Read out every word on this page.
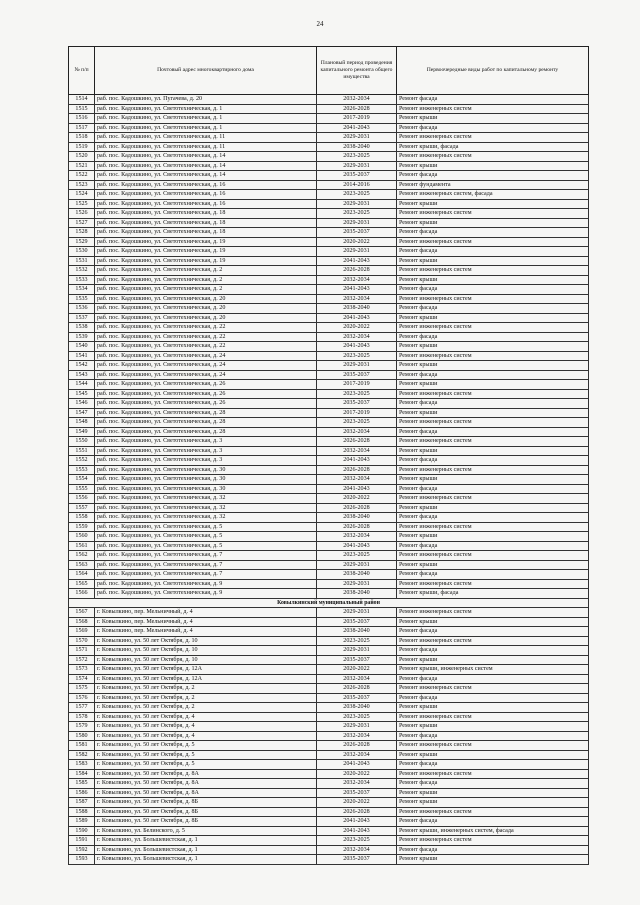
24
№ п/п	Почтовый адрес многоквартирного дома	Плановый период проведения капитального ремонта общего имущества	Первоочередные виды работ по капитальному ремонту
1514	раб. пос. Кадошкино, ул. Пугачева, д. 20	2032-2034	Ремонт фасада
1515	раб. пос. Кадошкино, ул. Светотехническая, д. 1	2026-2028	Ремонт инженерных систем
1516	раб. пос. Кадошкино, ул. Светотехническая, д. 1	2017-2019	Ремонт крыши
1517	раб. пос. Кадошкино, ул. Светотехническая, д. 1	2041-2043	Ремонт фасада
1518	раб. пос. Кадошкино, ул. Светотехническая, д. 11	2029-2031	Ремонт инженерных систем
1519	раб. пос. Кадошкино, ул. Светотехническая, д. 11	2038-2040	Ремонт крыши, фасада
1520	раб. пос. Кадошкино, ул. Светотехническая, д. 14	2023-2025	Ремонт инженерных систем
1521	раб. пос. Кадошкино, ул. Светотехническая, д. 14	2029-2031	Ремонт крыши
1522	раб. пос. Кадошкино, ул. Светотехническая, д. 14	2035-2037	Ремонт фасада
1523	раб. пос. Кадошкино, ул. Светотехническая, д. 16	2014-2016	Ремонт фундамента
1524	раб. пос. Кадошкино, ул. Светотехническая, д. 16	2023-2025	Ремонт инженерных систем, фасада
1525	раб. пос. Кадошкино, ул. Светотехническая, д. 16	2029-2031	Ремонт крыши
1526	раб. пос. Кадошкино, ул. Светотехническая, д. 18	2023-2025	Ремонт инженерных систем
1527	раб. пос. Кадошкино, ул. Светотехническая, д. 18	2029-2031	Ремонт крыши
1528	раб. пос. Кадошкино, ул. Светотехническая, д. 18	2035-2037	Ремонт фасада
1529	раб. пос. Кадошкино, ул. Светотехническая, д. 19	2020-2022	Ремонт инженерных систем
1530	раб. пос. Кадошкино, ул. Светотехническая, д. 19	2029-2031	Ремонт фасада
1531	раб. пос. Кадошкино, ул. Светотехническая, д. 19	2041-2043	Ремонт крыши
1532	раб. пос. Кадошкино, ул. Светотехническая, д. 2	2026-2028	Ремонт инженерных систем
1533	раб. пос. Кадошкино, ул. Светотехническая, д. 2	2032-2034	Ремонт крыши
1534	раб. пос. Кадошкино, ул. Светотехническая, д. 2	2041-2043	Ремонт фасада
1535	раб. пос. Кадошкино, ул. Светотехническая, д. 20	2032-2034	Ремонт инженерных систем
1536	раб. пос. Кадошкино, ул. Светотехническая, д. 20	2038-2040	Ремонт фасада
1537	раб. пос. Кадошкино, ул. Светотехническая, д. 20	2041-2043	Ремонт крыши
1538	раб. пос. Кадошкино, ул. Светотехническая, д. 22	2020-2022	Ремонт инженерных систем
1539	раб. пос. Кадошкино, ул. Светотехническая, д. 22	2032-2034	Ремонт фасада
1540	раб. пос. Кадошкино, ул. Светотехническая, д. 22	2041-2043	Ремонт крыши
1541	раб. пос. Кадошкино, ул. Светотехническая, д. 24	2023-2025	Ремонт инженерных систем
1542	раб. пос. Кадошкино, ул. Светотехническая, д. 24	2029-2031	Ремонт крыши
1543	раб. пос. Кадошкино, ул. Светотехническая, д. 24	2035-2037	Ремонт фасада
1544	раб. пос. Кадошкино, ул. Светотехническая, д. 26	2017-2019	Ремонт крыши
1545	раб. пос. Кадошкино, ул. Светотехническая, д. 26	2023-2025	Ремонт инженерных систем
1546	раб. пос. Кадошкино, ул. Светотехническая, д. 26	2035-2037	Ремонт фасада
1547	раб. пос. Кадошкино, ул. Светотехническая, д. 28	2017-2019	Ремонт крыши
1548	раб. пос. Кадошкино, ул. Светотехническая, д. 28	2023-2025	Ремонт инженерных систем
1549	раб. пос. Кадошкино, ул. Светотехническая, д. 28	2032-2034	Ремонт фасада
1550	раб. пос. Кадошкино, ул. Светотехническая, д. 3	2026-2028	Ремонт инженерных систем
1551	раб. пос. Кадошкино, ул. Светотехническая, д. 3	2032-2034	Ремонт крыши
1552	раб. пос. Кадошкино, ул. Светотехническая, д. 3	2041-2043	Ремонт фасада
1553	раб. пос. Кадошкино, ул. Светотехническая, д. 30	2026-2028	Ремонт инженерных систем
1554	раб. пос. Кадошкино, ул. Светотехническая, д. 30	2032-2034	Ремонт крыши
1555	раб. пос. Кадошкино, ул. Светотехническая, д. 30	2041-2043	Ремонт фасада
1556	раб. пос. Кадошкино, ул. Светотехническая, д. 32	2020-2022	Ремонт инженерных систем
1557	раб. пос. Кадошкино, ул. Светотехническая, д. 32	2026-2028	Ремонт крыши
1558	раб. пос. Кадошкино, ул. Светотехническая, д. 32	2038-2040	Ремонт фасада
1559	раб. пос. Кадошкино, ул. Светотехническая, д. 5	2026-2028	Ремонт инженерных систем
1560	раб. пос. Кадошкино, ул. Светотехническая, д. 5	2032-2034	Ремонт крыши
1561	раб. пос. Кадошкино, ул. Светотехническая, д. 5	2041-2043	Ремонт фасада
1562	раб. пос. Кадошкино, ул. Светотехническая, д. 7	2023-2025	Ремонт инженерных систем
1563	раб. пос. Кадошкино, ул. Светотехническая, д. 7	2029-2031	Ремонт крыши
1564	раб. пос. Кадошкино, ул. Светотехническая, д. 7	2038-2040	Ремонт фасада
1565	раб. пос. Кадошкино, ул. Светотехническая, д. 9	2029-2031	Ремонт инженерных систем
1566	раб. пос. Кадошкино, ул. Светотехническая, д. 9	2038-2040	Ремонт крыши, фасада
Ковылкинский муниципальный район			
1567	г. Ковылкино, пер. Мельничный, д. 4	2029-2031	Ремонт инженерных систем
1568	г. Ковылкино, пер. Мельничный, д. 4	2035-2037	Ремонт крыши
1569	г. Ковылкино, пер. Мельничный, д. 4	2038-2040	Ремонт фасада
1570	г. Ковылкино, ул. 50 лет Октября, д. 10	2023-2025	Ремонт инженерных систем
1571	г. Ковылкино, ул. 50 лет Октября, д. 10	2029-2031	Ремонт фасада
1572	г. Ковылкино, ул. 50 лет Октября, д. 10	2035-2037	Ремонт крыши
1573	г. Ковылкино, ул. 50 лет Октября, д. 12А	2020-2022	Ремонт крыши, инженерных систем
1574	г. Ковылкино, ул. 50 лет Октября, д. 12А	2032-2034	Ремонт фасада
1575	г. Ковылкино, ул. 50 лет Октября, д. 2	2026-2028	Ремонт инженерных систем
1576	г. Ковылкино, ул. 50 лет Октября, д. 2	2035-2037	Ремонт фасада
1577	г. Ковылкино, ул. 50 лет Октября, д. 2	2038-2040	Ремонт крыши
1578	г. Ковылкино, ул. 50 лет Октября, д. 4	2023-2025	Ремонт инженерных систем
1579	г. Ковылкино, ул. 50 лет Октября, д. 4	2029-2031	Ремонт крыши
1580	г. Ковылкино, ул. 50 лет Октября, д. 4	2032-2034	Ремонт фасада
1581	г. Ковылкино, ул. 50 лет Октября, д. 5	2026-2028	Ремонт инженерных систем
1582	г. Ковылкино, ул. 50 лет Октября, д. 5	2032-2034	Ремонт крыши
1583	г. Ковылкино, ул. 50 лет Октября, д. 5	2041-2043	Ремонт фасада
1584	г. Ковылкино, ул. 50 лет Октября, д. 8А	2020-2022	Ремонт инженерных систем
1585	г. Ковылкино, ул. 50 лет Октября, д. 8А	2032-2034	Ремонт фасада
1586	г. Ковылкино, ул. 50 лет Октября, д. 8А	2035-2037	Ремонт крыши
1587	г. Ковылкино, ул. 50 лет Октября, д. 8Б	2020-2022	Ремонт крыши
1588	г. Ковылкино, ул. 50 лет Октября, д. 8Б	2026-2028	Ремонт инженерных систем
1589	г. Ковылкино, ул. 50 лет Октября, д. 8Б	2041-2043	Ремонт фасада
1590	г. Ковылкино, ул. Белинского, д. 5	2041-2043	Ремонт крыши, инженерных систем, фасада
1591	г. Ковылкино, ул. Большевистская, д. 1	2023-2025	Ремонт инженерных систем
1592	г. Ковылкино, ул. Большевистская, д. 1	2032-2034	Ремонт фасада
1593	г. Ковылкино, ул. Большевистская, д. 1	2035-2037	Ремонт крыши
